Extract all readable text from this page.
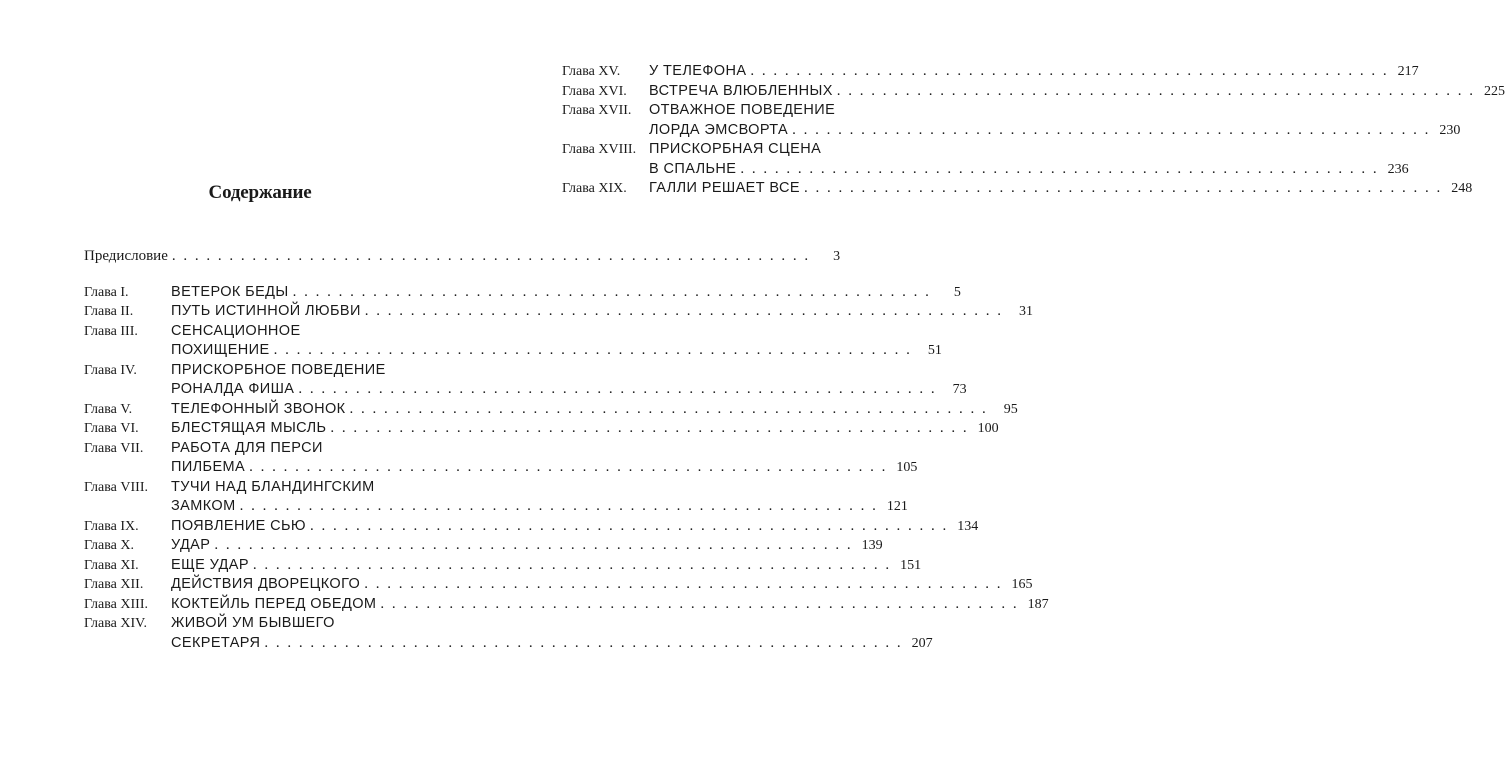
Содержание
Предисловие . . .	3
Глава I.	ВЕТЕРОК БЕДЫ . . .	5
Глава II.	ПУТЬ ИСТИННОЙ ЛЮБВИ . . .	31
Глава III.	СЕНСАЦИОННОЕ
ПОХИЩЕНИЕ . . .	51
Глава IV.	ПРИСКОРБНОЕ ПОВЕДЕНИЕ
РОНАЛДА ФИША . . .	73
Глава V.	ТЕЛЕФОННЫЙ ЗВОНОК . . .	95
Глава VI.	БЛЕСТЯЩАЯ МЫСЛЬ . . .	100
Глава VII.	РАБОТА ДЛЯ ПЕРСИ
ПИЛБЕМА . . .	105
Глава VIII.	ТУЧИ НАД БЛАНДИНГСКИМ
ЗАМКОМ . . .	121
Глава IX.	ПОЯВЛЕНИЕ СЬЮ . . .	134
Глава X.	УДАР . . .	139
Глава XI.	ЕЩЕ УДАР . . .	151
Глава XII.	ДЕЙСТВИЯ ДВОРЕЦКОГО . . .	165
Глава XIII.	КОКТЕЙЛЬ ПЕРЕД ОБЕДОМ . . .	187
Глава XIV.	ЖИВОЙ УМ БЫВШЕГО
СЕКРЕТАРЯ . . .	207
Глава XV.	У ТЕЛЕФОНА . . .	217
Глава XVI.	ВСТРЕЧА ВЛЮБЛЕННЫХ . . .	225
Глава XVII.	ОТВАЖНОЕ ПОВЕДЕНИЕ
ЛОРДА ЭМСВОРТА . . .	230
Глава XVIII. ПРИСКОРБНАЯ СЦЕНА
В СПАЛЬНЕ . . .	236
Глава XIX.	ГАЛЛИ РЕШАЕТ ВСЕ . . .	248
